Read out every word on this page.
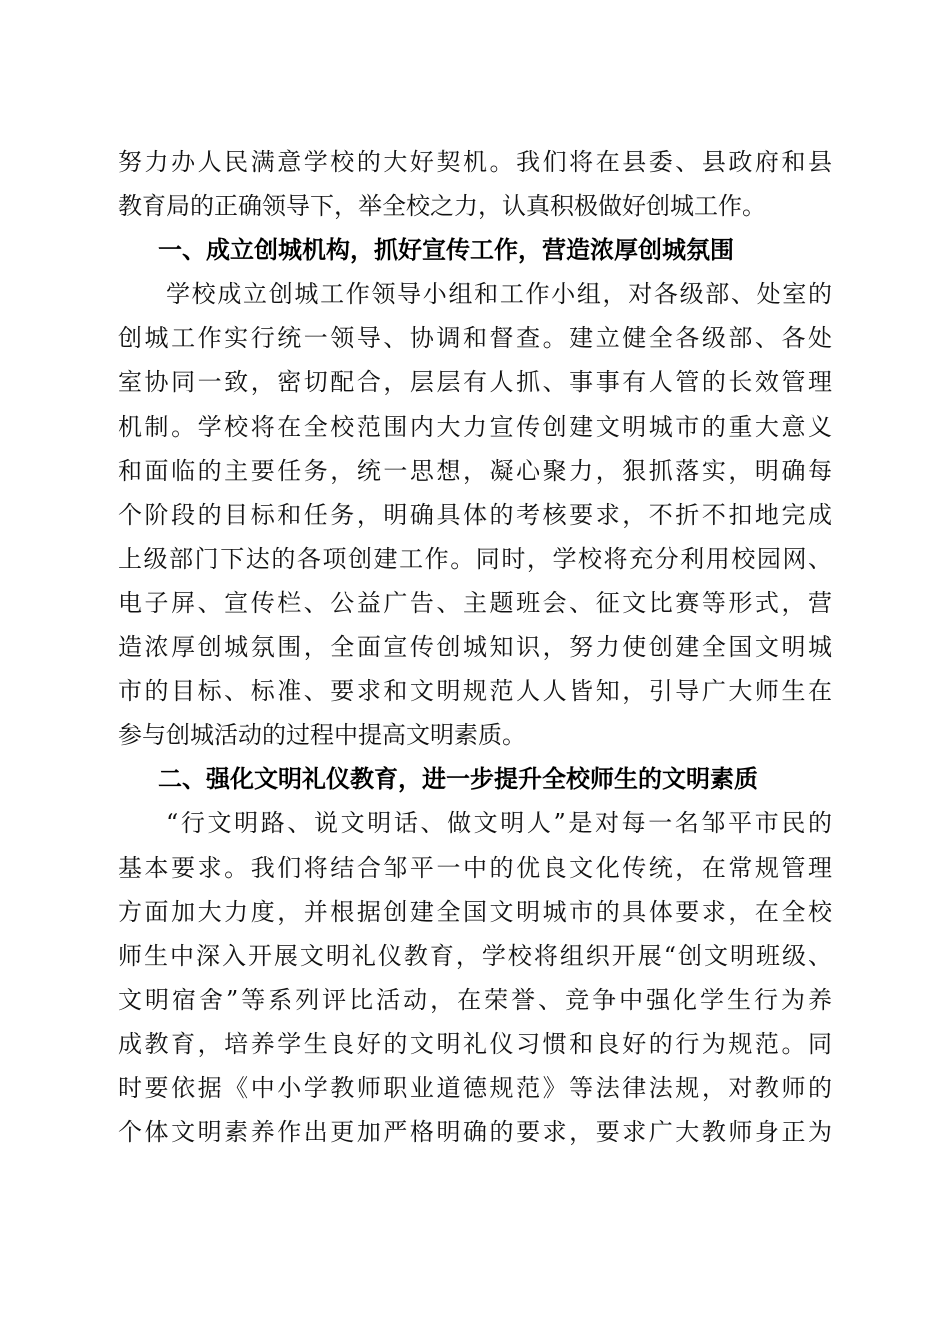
努力办人民满意学校的大好契机。我们将在县委、县政府和县
教育局的正确领导下，举全校之力，认真积极做好创城工作。
一、成立创城机构，抓好宣传工作，营造浓厚创城氛围
学校成立创城工作领导小组和工作小组，对各级部、处室的
创城工作实行统一领导、协调和督查。建立健全各级部、各处
室协同一致，密切配合，层层有人抓、事事有人管的长效管理
机制。学校将在全校范围内大力宣传创建文明城市的重大意义
和面临的主要任务，统一思想，凝心聚力，狠抓落实，明确每
个阶段的目标和任务，明确具体的考核要求，不折不扣地完成
上级部门下达的各项创建工作。同时，学校将充分利用校园网、
电子屏、宣传栏、公益广告、主题班会、征文比赛等形式，营
造浓厚创城氛围，全面宣传创城知识，努力使创建全国文明城
市的目标、标准、要求和文明规范人人皆知，引导广大师生在
参与创城活动的过程中提高文明素质。
二、强化文明礼仪教育，进一步提升全校师生的文明素质
“行文明路、说文明话、做文明人”是对每一名邹平市民的
基本要求。我们将结合邹平一中的优良文化传统，在常规管理
方面加大力度，并根据创建全国文明城市的具体要求，在全校
师生中深入开展文明礼仪教育，学校将组织开展“创文明班级、
文明宿舍”等系列评比活动，在荣誉、竞争中强化学生行为养
成教育，培养学生良好的文明礼仪习惯和良好的行为规范。同
时要依据《中小学教师职业道德规范》等法律法规，对教师的
个体文明素养作出更加严格明确的要求，要求广大教师身正为
